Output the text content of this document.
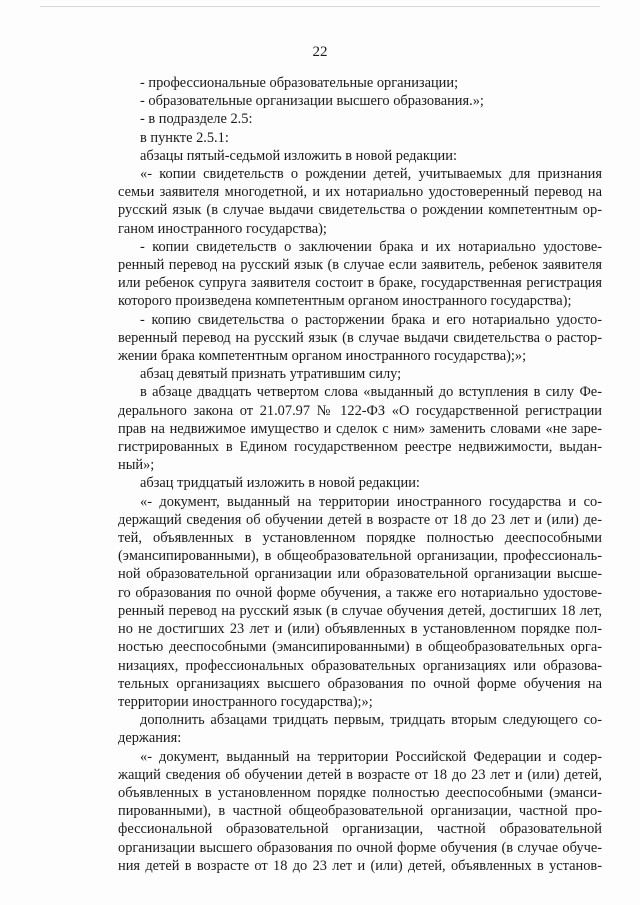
22
- профессиональные образовательные организации;
- образовательные организации высшего образования.»;
- в подразделе 2.5:
в пункте 2.5.1:
абзацы пятый-седьмой изложить в новой редакции:
«- копии свидетельств о рождении детей, учитываемых для признания
семьи заявителя многодетной, и их нотариально удостоверенный перевод на
русский язык (в случае выдачи свидетельства о рождении компетентным ор-
ганом иностранного государства);
- копии свидетельств о заключении брака и их нотариально удостове-
ренный перевод на русский язык (в случае если заявитель, ребенок заявителя
или ребенок супруга заявителя состоит в браке, государственная регистрация
которого произведена компетентным органом иностранного государства);
- копию свидетельства о расторжении брака и его нотариально удосто-
веренный перевод на русский язык (в случае выдачи свидетельства о растор-
жении брака компетентным органом иностранного государства);»;
абзац девятый признать утратившим силу;
в абзаце двадцать четвертом слова «выданный до вступления в силу Фе-
дерального закона от 21.07.97 № 122-ФЗ «О государственной регистрации
прав на недвижимое имущество и сделок с ним» заменить словами «не заре-
гистрированных в Едином государственном реестре недвижимости, выдан-
ный»;
абзац тридцатый изложить в новой редакции:
«- документ, выданный на территории иностранного государства и со-
держащий сведения об обучении детей в возрасте от 18 до 23 лет и (или) де-
тей, объявленных в установленном порядке полностью дееспособными
(эмансипированными), в общеобразовательной организации, профессиональ-
ной образовательной организации или образовательной организации высше-
го образования по очной форме обучения, а также его нотариально удостове-
ренный перевод на русский язык (в случае обучения детей, достигших 18 лет,
но не достигших 23 лет и (или) объявленных в установленном порядке пол-
ностью дееспособными (эмансипированными) в общеобразовательных орга-
низациях, профессиональных образовательных организациях или образова-
тельных организациях высшего образования по очной форме обучения на
территории иностранного государства);»;
дополнить абзацами тридцать первым, тридцать вторым следующего со-
держания:
«- документ, выданный на территории Российской Федерации и содер-
жащий сведения об обучении детей в возрасте от 18 до 23 лет и (или) детей,
объявленных в установленном порядке полностью дееспособными (эманси-
пированными), в частной общеобразовательной организации, частной про-
фессиональной образовательной организации, частной образовательной
организации высшего образования по очной форме обучения (в случае обуче-
ния детей в возрасте от 18 до 23 лет и (или) детей, объявленных в установ-
